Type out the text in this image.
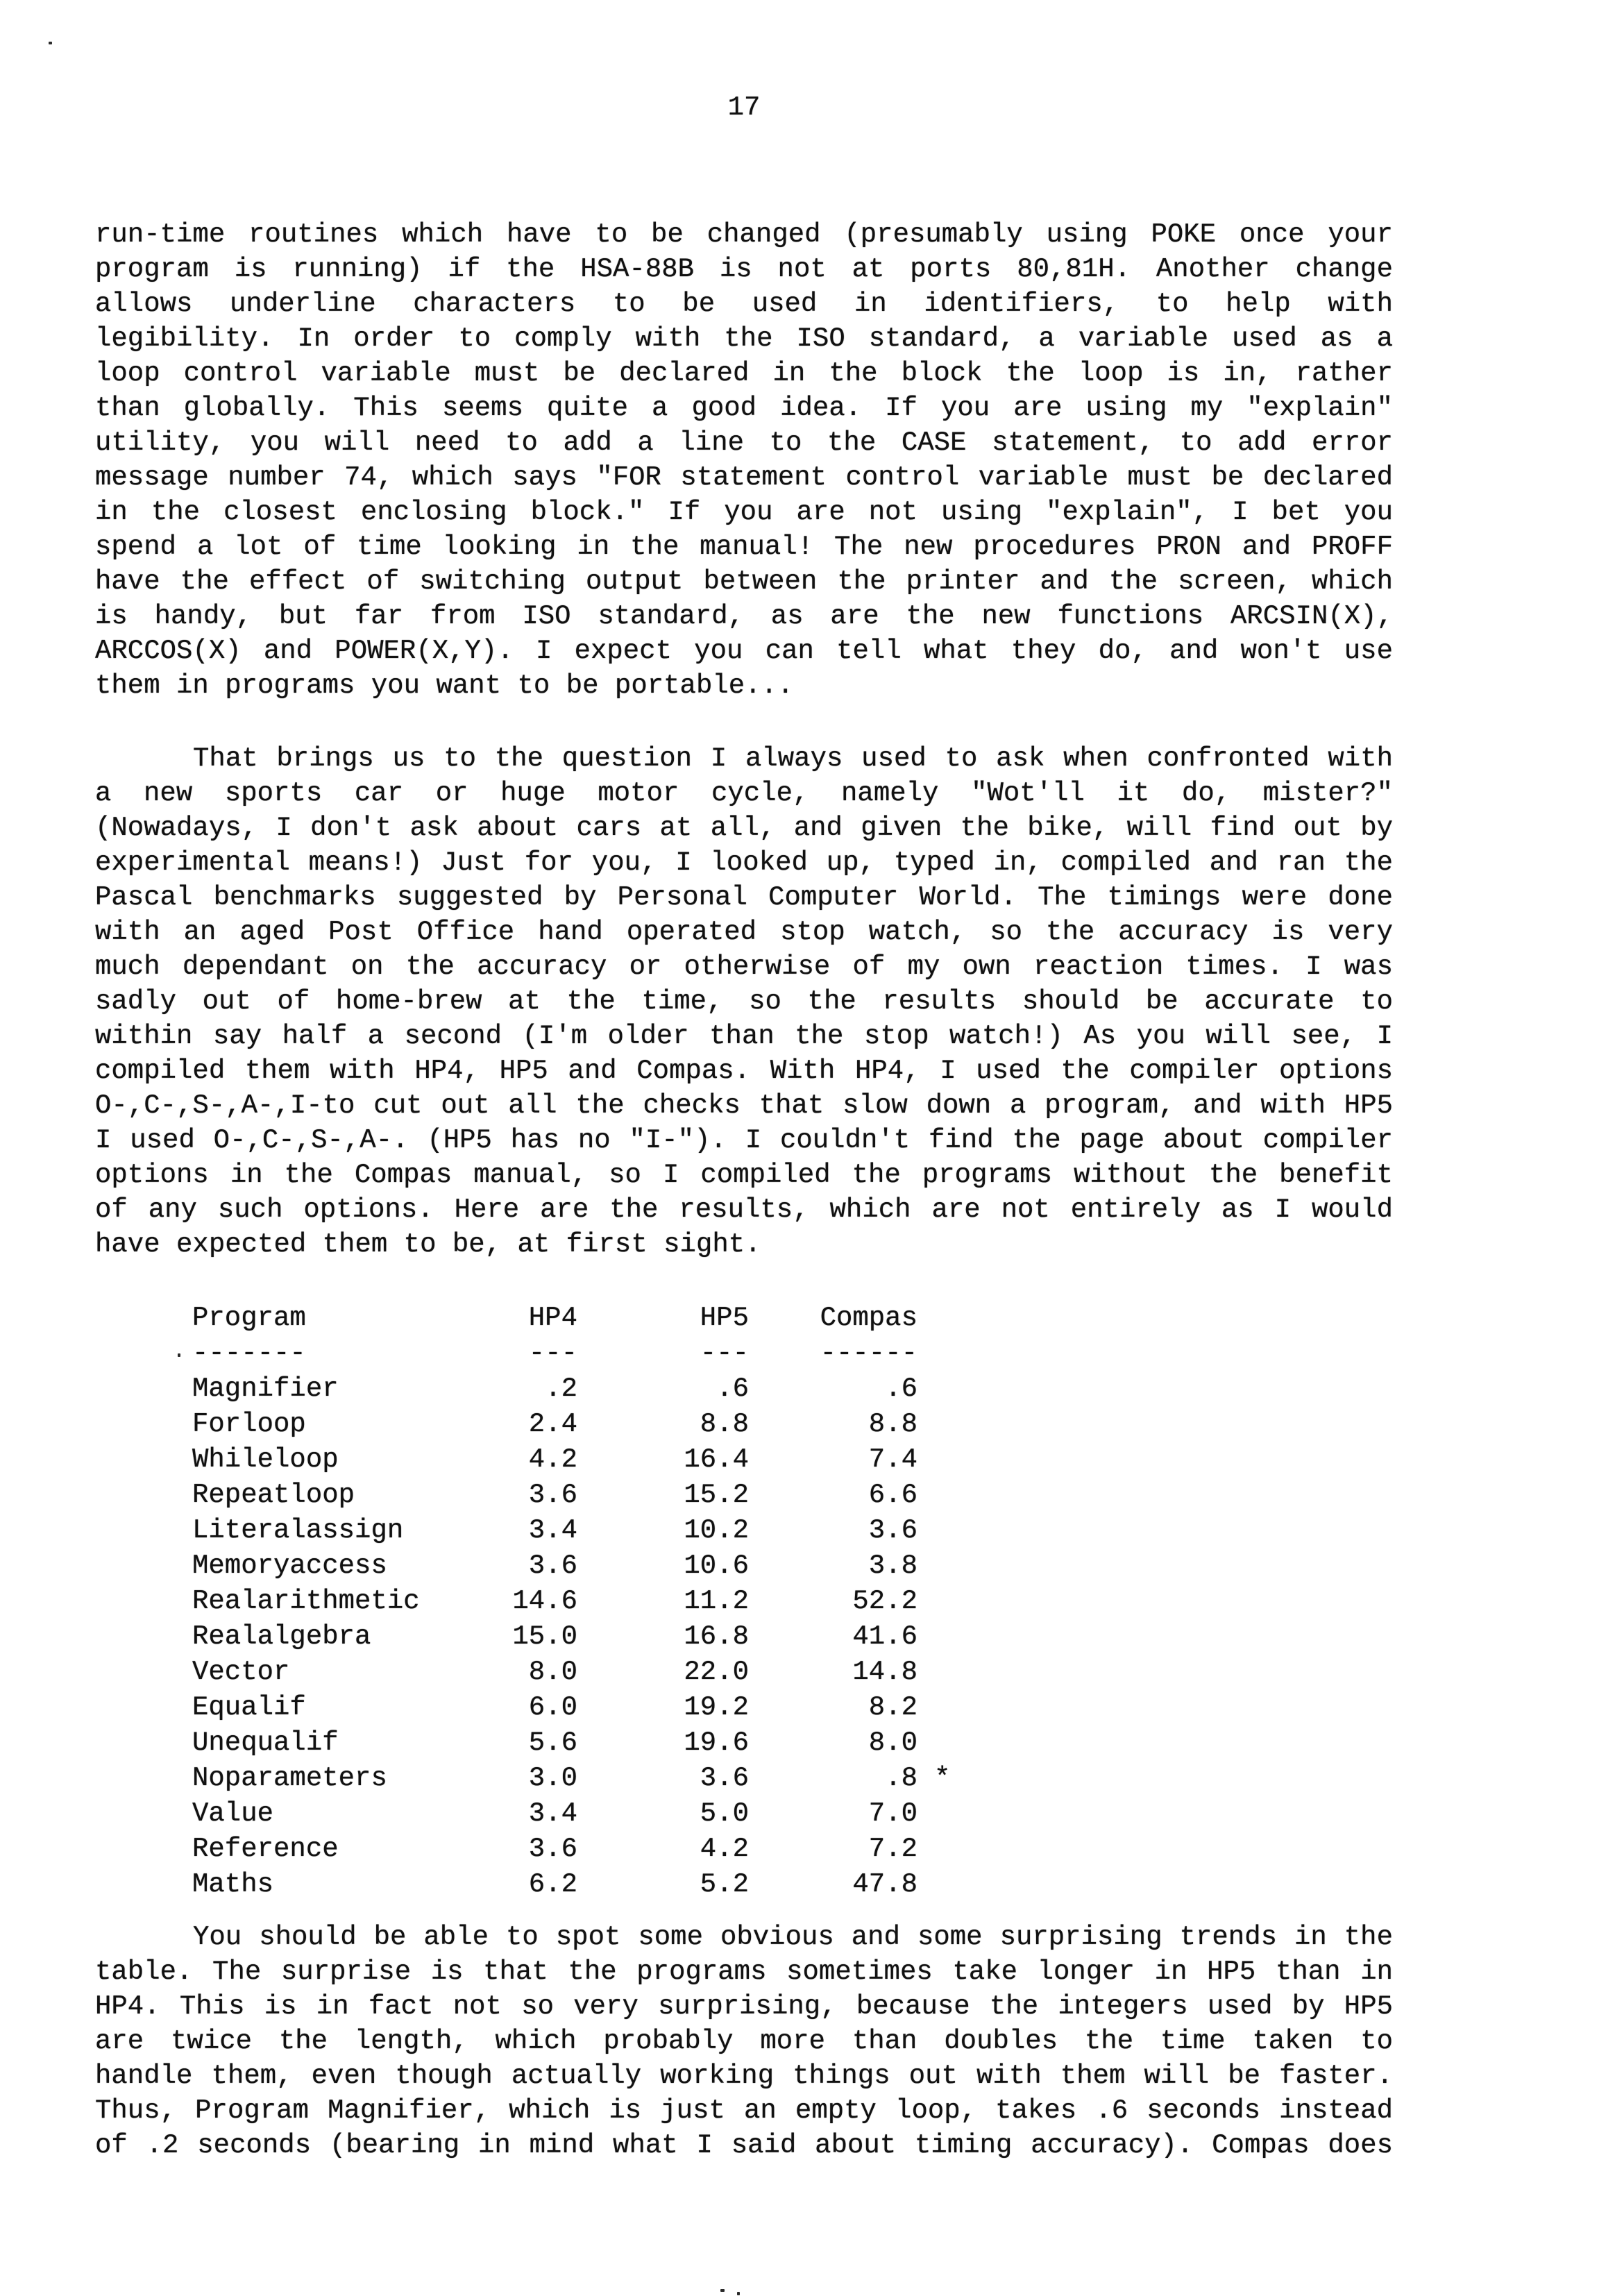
17
run-time routines which have to be changed (presumably using POKE once your
program is running) if the HSA-88B is not at ports 80,81H. Another change
allows underline characters to be used in identifiers, to help with
legibility. In order to comply with the ISO standard, a variable used as a
loop control variable must be declared in the block the loop is in, rather
than globally. This seems quite a good idea. If you are using my "explain"
utility, you will need to add a line to the CASE statement, to add error
message number 74, which says "FOR statement control variable must be declared
in the closest enclosing block." If you are not using "explain", I bet you
spend a lot of time looking in the manual! The new procedures PRON and PROFF
have the effect of switching output between the printer and the screen, which
is handy, but far from ISO standard, as are the new functions ARCSIN(X),
ARCCOS(X) and POWER(X,Y). I expect you can tell what they do, and won't use
them in programs you want to be portable...
That brings us to the question I always used to ask when confronted with
a new sports car or huge motor cycle, namely "Wot'll it do, mister?"
(Nowadays, I don't ask about cars at all, and given the bike, will find out by
experimental means!) Just for you, I looked up, typed in, compiled and ran the
Pascal benchmarks suggested by Personal Computer World. The timings were done
with an aged Post Office hand operated stop watch, so the accuracy is very
much dependant on the accuracy or otherwise of my own reaction times. I was
sadly out of home-brew at the time, so the results should be accurate to
within say half a second (I'm older than the stop watch!) As you will see, I
compiled them with HP4, HP5 and Compas. With HP4, I used the compiler options
O-,C-,S-,A-,I-to cut out all the checks that slow down a program, and with HP5
I used O-,C-,S-,A-. (HP5 has no "I-"). I couldn't find the page about compiler
options in the Compas manual, so I compiled the programs without the benefit
of any such options. Here are the results, which are not entirely as I would
have expected them to be, at first sight.
Program	HP4	HP5	Compas
-------	---	---	------
Magnifier	.2	.6	.6
Forloop	2.4	8.8	8.8
Whileloop	4.2	16.4	7.4
Repeatloop	3.6	15.2	6.6
Literalassign	3.4	10.2	3.6
Memoryaccess	3.6	10.6	3.8
Realarithmetic	14.6	11.2	52.2
Realalgebra	15.0	16.8	41.6
Vector	8.0	22.0	14.8
Equalif	6.0	19.2	8.2
Unequalif	5.6	19.6	8.0
Noparameters	3.0	3.6	.8 *
Value	3.4	5.0	7.0
Reference	3.6	4.2	7.2
Maths	6.2	5.2	47.8
You should be able to spot some obvious and some surprising trends in the
table. The surprise is that the programs sometimes take longer in HP5 than in
HP4. This is in fact not so very surprising, because the integers used by HP5
are twice the length, which probably more than doubles the time taken to
handle them, even though actually working things out with them will be faster.
Thus, Program Magnifier, which is just an empty loop, takes .6 seconds instead
of .2 seconds (bearing in mind what I said about timing accuracy). Compas does
